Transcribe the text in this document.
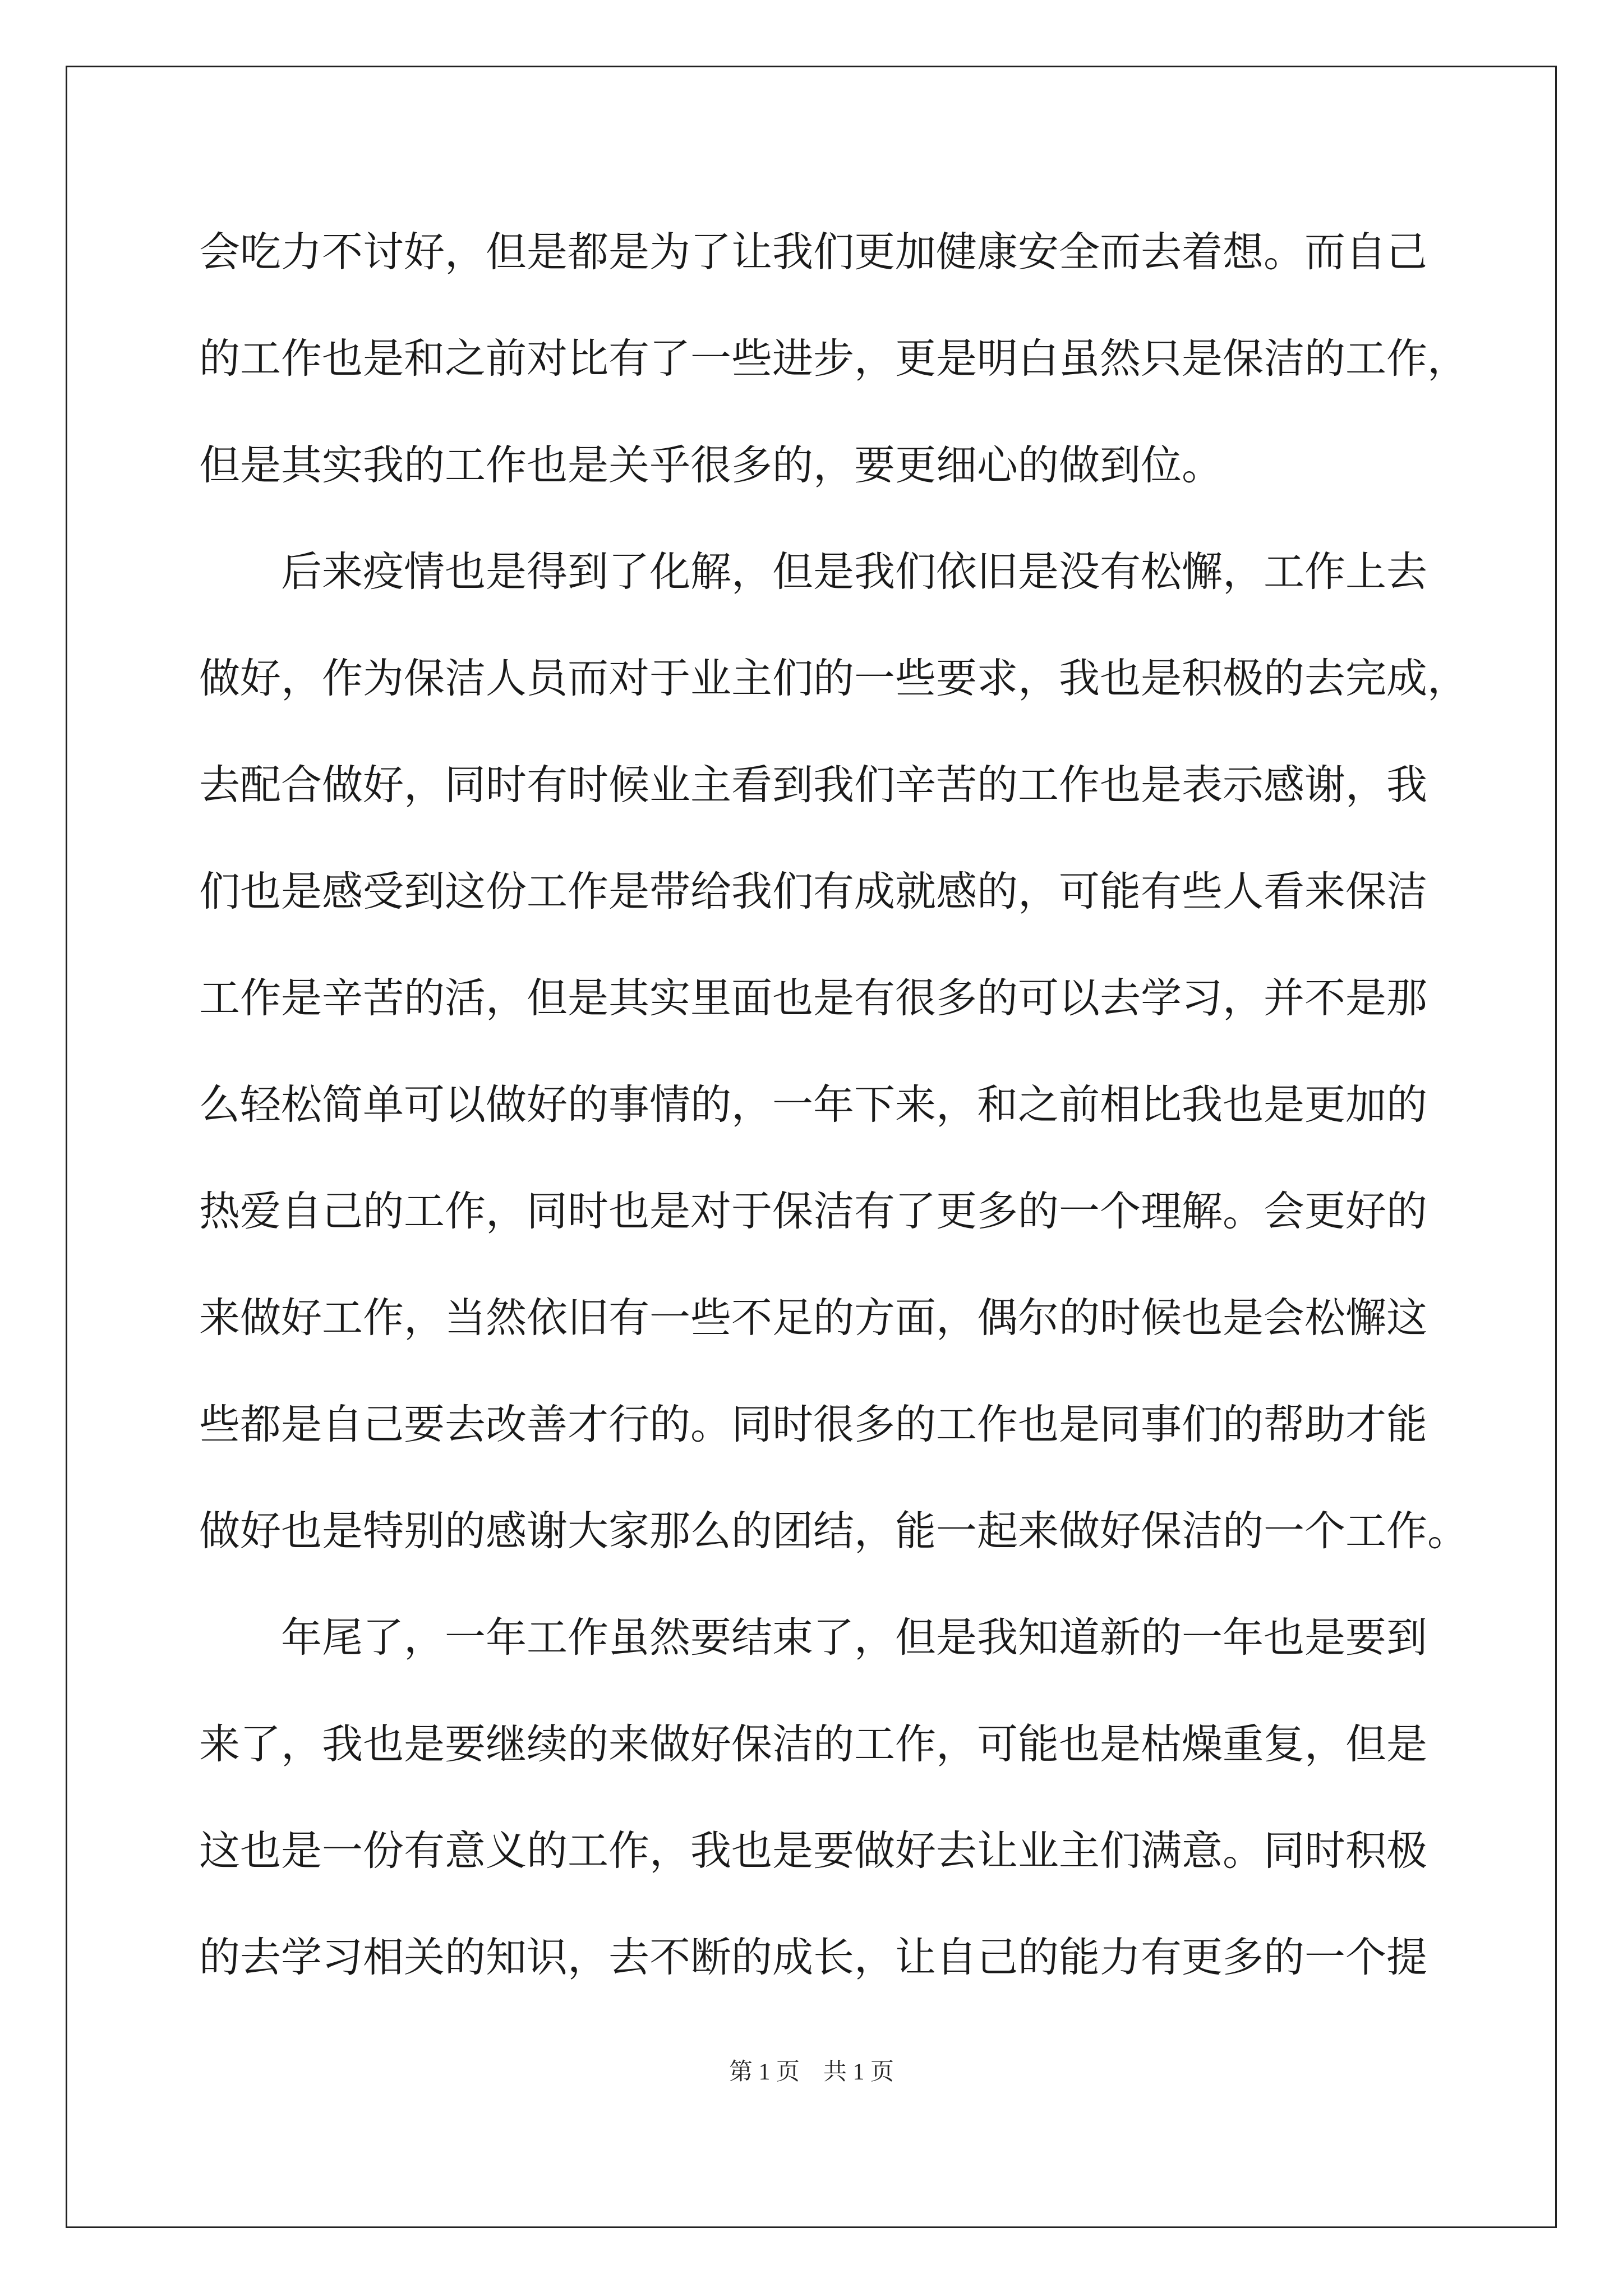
会吃力不讨好，但是都是为了让我们更加健康安全而去着想。而自己
的工作也是和之前对比有了一些进步，更是明白虽然只是保洁的工作，
但是其实我的工作也是关乎很多的，要更细心的做到位。
后来疫情也是得到了化解，但是我们依旧是没有松懈，工作上去
做好，作为保洁人员而对于业主们的一些要求，我也是积极的去完成，
去配合做好，同时有时候业主看到我们辛苦的工作也是表示感谢，我
们也是感受到这份工作是带给我们有成就感的，可能有些人看来保洁
工作是辛苦的活，但是其实里面也是有很多的可以去学习，并不是那
么轻松简单可以做好的事情的，一年下来，和之前相比我也是更加的
热爱自己的工作，同时也是对于保洁有了更多的一个理解。会更好的
来做好工作，当然依旧有一些不足的方面，偶尔的时候也是会松懈这
些都是自己要去改善才行的。同时很多的工作也是同事们的帮助才能
做好也是特别的感谢大家那么的团结，能一起来做好保洁的一个工作。
年尾了，一年工作虽然要结束了，但是我知道新的一年也是要到
来了，我也是要继续的来做好保洁的工作，可能也是枯燥重复，但是
这也是一份有意义的工作，我也是要做好去让业主们满意。同时积极
的去学习相关的知识，去不断的成长，让自己的能力有更多的一个提
第 1 页　共 1 页
